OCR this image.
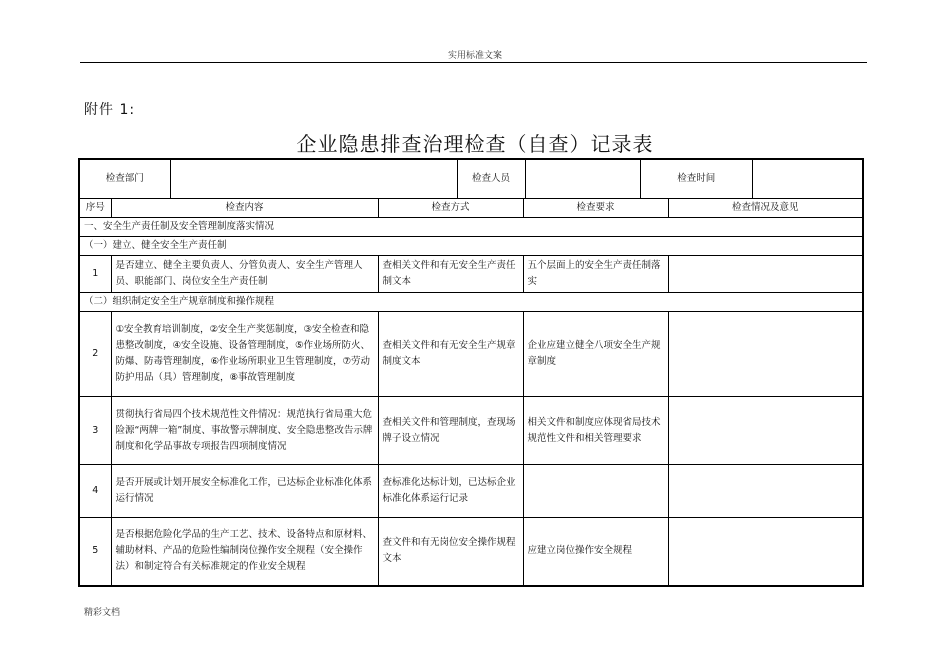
实用标准文案
附件 1:
企业隐患排查治理检查（自查）记录表
检查部门		检查人员			检查时间	

序号	检查内容	检查方式	检查要求	检查情况及意见
一、安全生产责任制及安全管理制度落实情况
（一）建立、健全安全生产责任制
1	是否建立、健全主要负责人、分管负责人、安全生产管理人员、职能部门、岗位安全生产责任制	查相关文件和有无安全生产责任制文本	五个层面上的安全生产责任制落实	
（二）组织制定安全生产规章制度和操作规程
2	①安全教育培训制度，②安全生产奖惩制度，③安全检查和隐患整改制度，④安全设施、设备管理制度，⑤作业场所防火、防爆、防毒管理制度，⑥作业场所职业卫生管理制度，⑦劳动防护用品（具）管理制度，⑧事故管理制度	查相关文件和有无安全生产规章制度文本	企业应建立健全八项安全生产规章制度	
3	贯彻执行省局四个技术规范性文件情况：规范执行省局重大危险源“两牌一箱”制度、事故警示牌制度、安全隐患整改告示牌制度和化学品事故专项报告四项制度情况	查相关文件和管理制度，查现场牌子设立情况	相关文件和制度应体现省局技术规范性文件和相关管理要求	
4	是否开展或计划开展安全标准化工作，已达标企业标准化体系运行情况	查标准化达标计划，已达标企业标准化体系运行记录		
5	是否根据危险化学品的生产工艺、技术、设备特点和原材料、辅助材料、产品的危险性编制岗位操作安全规程（安全操作法）和制定符合有关标准规定的作业安全规程	查文件和有无岗位安全操作规程文本	应建立岗位操作安全规程	
精彩文档
